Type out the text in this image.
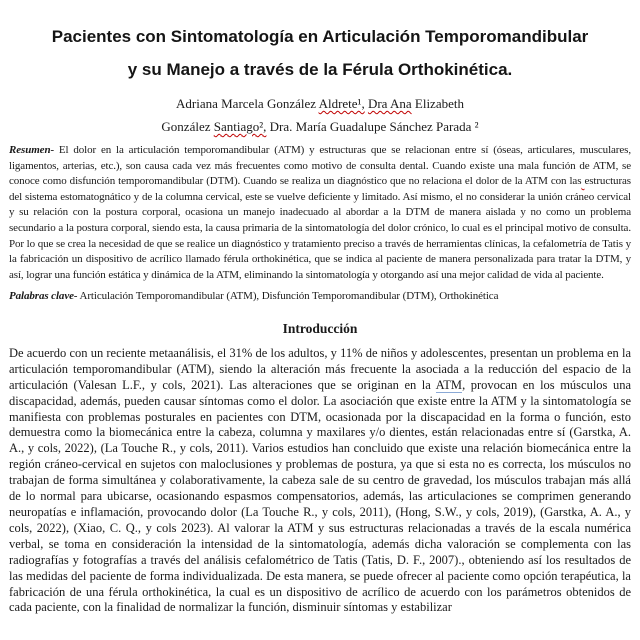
Pacientes con Sintomatología en Articulación Temporomandibular
y su Manejo a través de la Férula Orthokinética.
Adriana Marcela González Aldrete¹, Dra Ana Elizabeth
González Santiago², Dra. María Guadalupe Sánchez Parada ²

Resumen- El dolor en la articulación temporomandibular (ATM) y estructuras que se relacionan entre sí (óseas, articulares, musculares, ligamentos, arterias, etc.), son causa cada vez más frecuentes como motivo de consulta dental. Cuando existe una mala función de ATM, se conoce como disfunción temporomandibular (DTM). Cuando se realiza un diagnóstico que no relaciona el dolor de la ATM con las estructuras del sistema estomatognático y de la columna cervical, este se vuelve deficiente y limitado. Así mismo, el no considerar la unión cráneo cervical y su relación con la postura corporal, ocasiona un manejo inadecuado al abordar a la DTM de manera aislada y no como un problema secundario a la postura corporal, siendo esta, la causa primaria de la sintomatología del dolor crónico, lo cual es el principal motivo de consulta. Por lo que se crea la necesidad de que se realice un diagnóstico y tratamiento preciso a través de herramientas clínicas, la cefalometría de Tatis y la fabricación un dispositivo de acrílico llamado férula orthokinética, que se indica al paciente de manera personalizada para tratar la DTM, y así, lograr una función estática y dinámica de la ATM, eliminando la sintomatología y otorgando así una mejor calidad de vida al paciente.

Palabras clave- Articulación Temporomandibular (ATM), Disfunción Temporomandibular (DTM), Orthokinética

Introducción

De acuerdo con un reciente metaanálisis, el 31% de los adultos, y 11% de niños y adolescentes, presentan un problema en la articulación temporomandibular (ATM), siendo la alteración más frecuente la asociada a la reducción del espacio de la articulación (Valesan L.F., y cols, 2021). Las alteraciones que se originan en la ATM, provocan en los músculos una discapacidad, además, pueden causar síntomas como el dolor. La asociación que existe entre la ATM y la sintomatología se manifiesta con problemas posturales en pacientes con DTM, ocasionada por la discapacidad en la forma o función, esto demuestra como la biomecánica entre la cabeza, columna y maxilares y/o dientes, están relacionadas entre sí (Garstka, A. A., y cols, 2022), (La Touche R., y cols, 2011). Varios estudios han concluido que existe una relación biomecánica entre la región cráneo-cervical en sujetos con maloclusiones y problemas de postura, ya que si esta no es correcta, los músculos no trabajan de forma simultánea y colaborativamente, la cabeza sale de su centro de gravedad, los músculos trabajan más allá de lo normal para ubicarse, ocasionando espasmos compensatorios, además, las articulaciones se comprimen generando neuropatías e inflamación, provocando dolor (La Touche R., y cols, 2011), (Hong, S.W., y cols, 2019), (Garstka, A. A., y cols, 2022), (Xiao, C. Q., y cols 2023). Al valorar la ATM y sus estructuras relacionadas a través de la escala numérica verbal, se toma en consideración la intensidad de la sintomatología, además dicha valoración se complementa con las radiografías y fotografías a través del análisis cefalométrico de Tatis (Tatis, D. F., 2007)., obteniendo así los resultados de las medidas del paciente de forma individualizada. De esta manera, se puede ofrecer al paciente como opción terapéutica, la fabricación de una férula orthokinética, la cual es un dispositivo de acrílico de acuerdo con los parámetros obtenidos de cada paciente, con la finalidad de normalizar la función, disminuir síntomas y estabilizar
